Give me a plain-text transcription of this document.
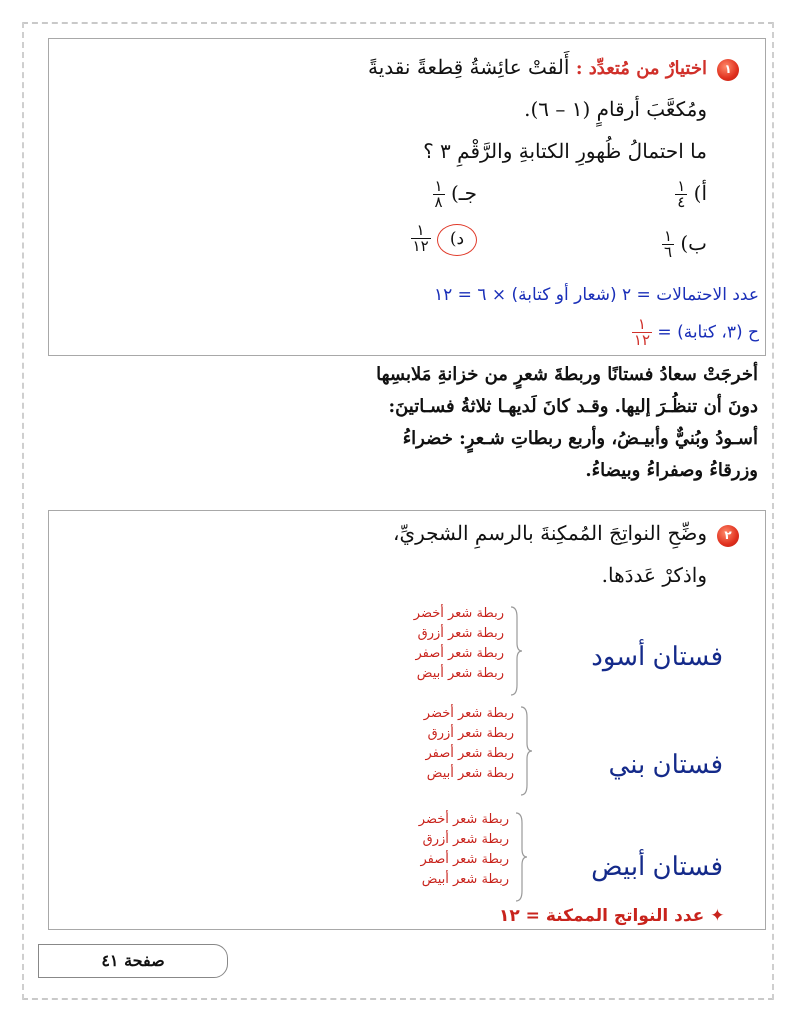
١
اختيارٌ من مُتعدِّد : أَلقتْ عائِشةُ قِطعةً نقديةً
ومُكعَّبَ أرقامٍ (١ – ٦).
ما احتمالُ ظُهورِ الكتابةِ والرَّقْمِ ٣ ؟
أ)
$\frac{١}{٤}$
جـ)
$\frac{١}{٨}$
ب)
$\frac{١}{٦}$
د)
$\frac{١}{١٢}$
عدد الاحتمالات = ٢ (شعار أو كتابة) × ٦ = ١٢
ح (٣، كتابة) =
$\frac{١}{١٢}$
أخرجَتْ سعادُ فستانًا وربطةَ شعرٍ من خزانةِ مَلابسِها
دونَ أن تنظُـرَ إليها. وقـد كانَ لَديهـا ثلاثةُ فسـاتينَ:
أسـودُ وبُنيٌّ وأبيـضُ، وأربع ربطاتِ شـعرٍ: خضراءُ
وزرقاءُ وصفراءُ وبيضاءُ.
٢
وضِّحِ النواتِجَ المُمكِنةَ بالرسمِ الشجريِّ،
واذكرْ عَددَها.
فستان أسود
ربطة شعر أخضر
ربطة شعر أزرق
ربطة شعر أصفر
ربطة شعر أبيض
فستان بني
ربطة شعر أخضر
ربطة شعر أزرق
ربطة شعر أصفر
ربطة شعر أبيض
فستان أبيض
ربطة شعر أخضر
ربطة شعر أزرق
ربطة شعر أصفر
ربطة شعر أبيض
✦ عدد النواتج الممكنة = ١٢
صفحة ٤١
